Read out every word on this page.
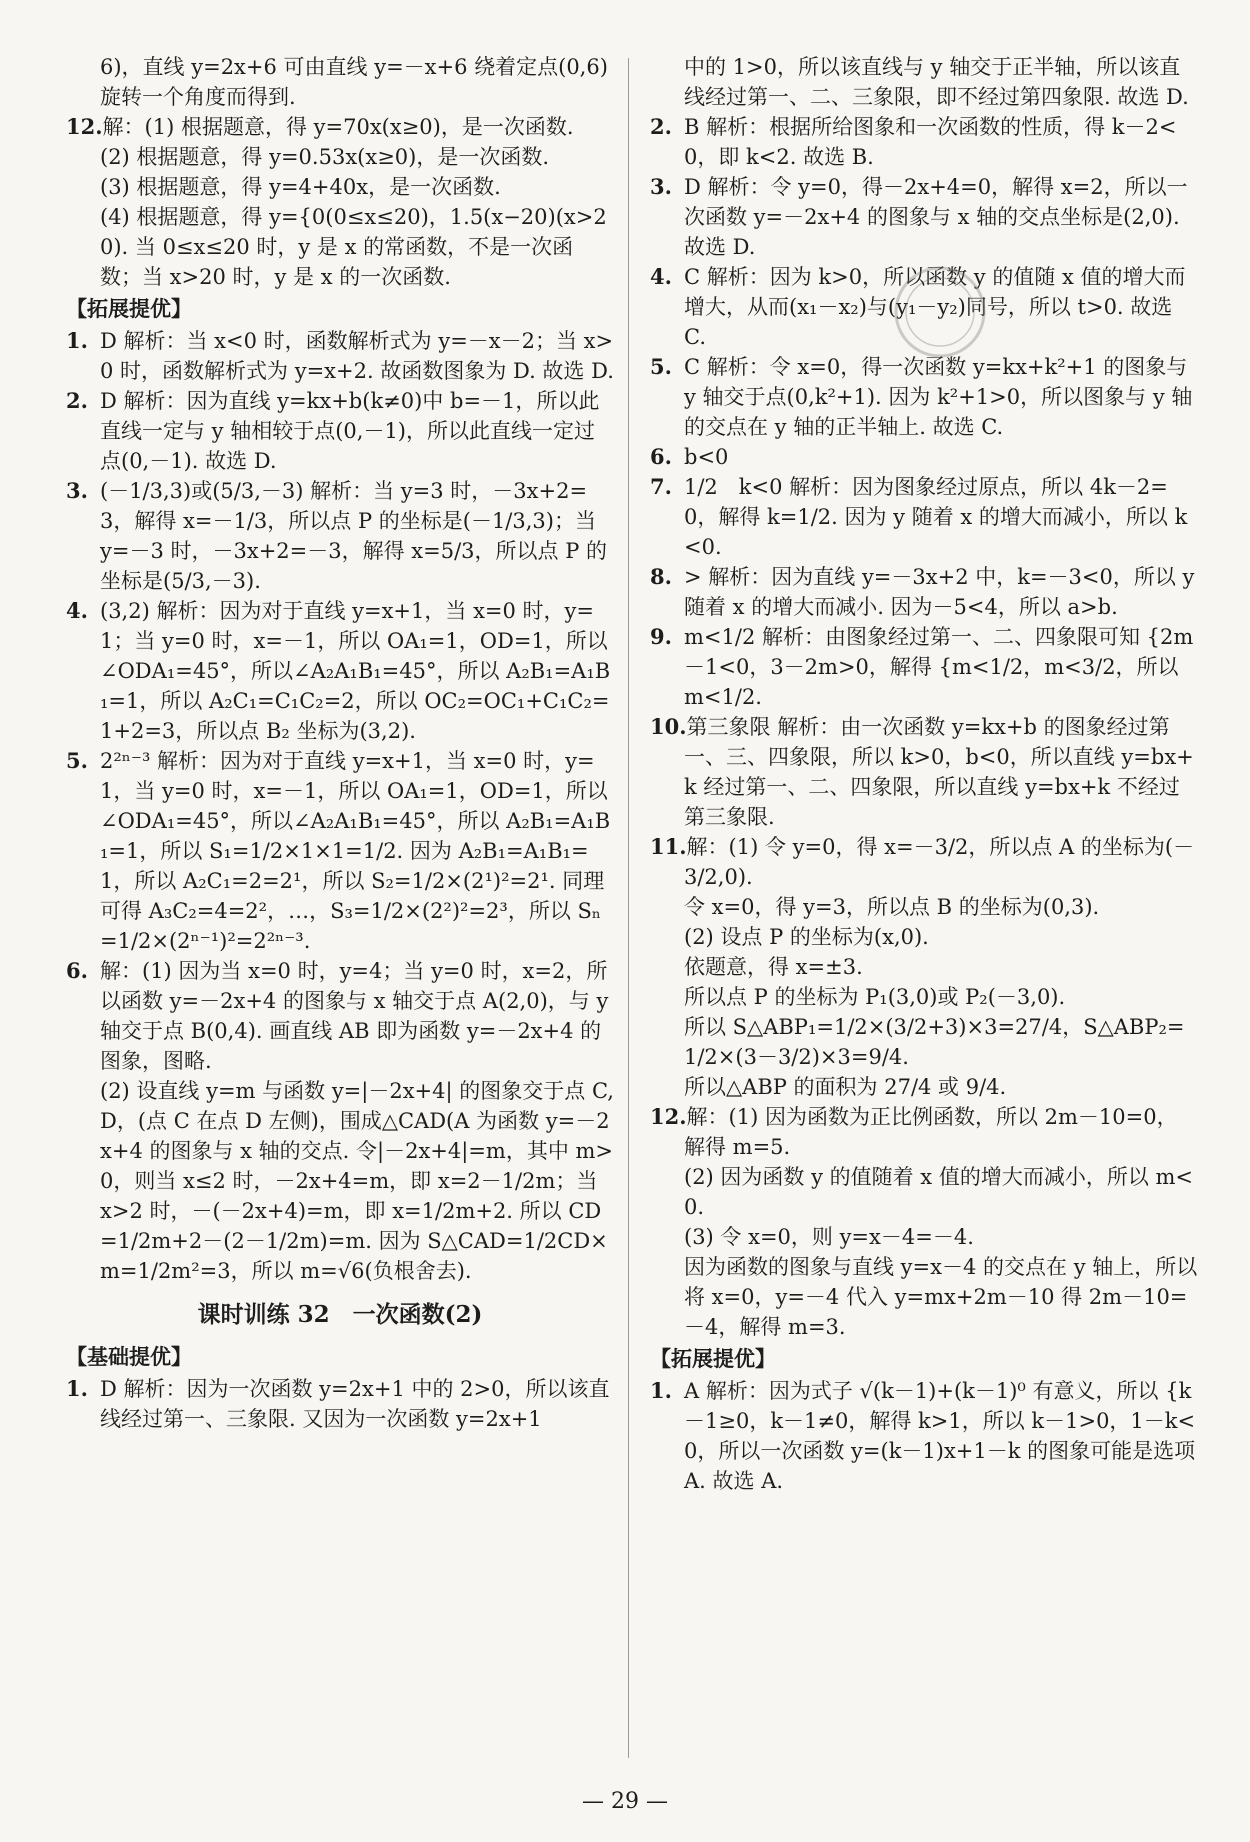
6)，直线 y=2x+6 可由直线 y=－x+6 绕着定点(0,6)旋转一个角度而得到.

12.解：(1) 根据题意，得 y=70x(x≥0)，是一次函数.

(2) 根据题意，得 y=0.53x(x≥0)，是一次函数.

(3) 根据题意，得 y=4+40x，是一次函数.

(4) 根据题意，得 y={0(0≤x≤20)，1.5(x−20)(x>20). 当 0≤x≤20 时，y 是 x 的常函数，不是一次函数；当 x>20 时，y 是 x 的一次函数.

【拓展提优】

1. D 解析：当 x<0 时，函数解析式为 y=－x－2；当 x>0 时，函数解析式为 y=x+2. 故函数图象为 D. 故选 D.

2. D 解析：因为直线 y=kx+b(k≠0)中 b=－1，所以此直线一定与 y 轴相较于点(0,－1)，所以此直线一定过点(0,－1). 故选 D.

3. (－1/3,3)或(5/3,－3) 解析：当 y=3 时，－3x+2=3，解得 x=－1/3，所以点 P 的坐标是(－1/3,3)；当 y=－3 时，－3x+2=－3，解得 x=5/3，所以点 P 的坐标是(5/3,－3).

4. (3,2) 解析：因为对于直线 y=x+1，当 x=0 时，y=1；当 y=0 时，x=－1，所以 OA₁=1，OD=1，所以∠ODA₁=45°，所以∠A₂A₁B₁=45°，所以 A₂B₁=A₁B₁=1，所以 A₂C₁=C₁C₂=2，所以 OC₂=OC₁+C₁C₂=1+2=3，所以点 B₂ 坐标为(3,2).

5. 2²ⁿ⁻³ 解析：因为对于直线 y=x+1，当 x=0 时，y=1，当 y=0 时，x=－1，所以 OA₁=1，OD=1，所以∠ODA₁=45°，所以∠A₂A₁B₁=45°，所以 A₂B₁=A₁B₁=1，所以 S₁=1/2×1×1=1/2. 因为 A₂B₁=A₁B₁=1，所以 A₂C₁=2=2¹，所以 S₂=1/2×(2¹)²=2¹. 同理可得 A₃C₂=4=2²，…，S₃=1/2×(2²)²=2³，所以 Sₙ=1/2×(2ⁿ⁻¹)²=2²ⁿ⁻³.

6. 解：(1) 因为当 x=0 时，y=4；当 y=0 时，x=2，所以函数 y=－2x+4 的图象与 x 轴交于点 A(2,0)，与 y 轴交于点 B(0,4). 画直线 AB 即为函数 y=－2x+4 的图象，图略.

(2) 设直线 y=m 与函数 y=|－2x+4| 的图象交于点 C,D，(点 C 在点 D 左侧)，围成△CAD(A 为函数 y=－2x+4 的图象与 x 轴的交点. 令|－2x+4|=m，其中 m>0，则当 x≤2 时，－2x+4=m，即 x=2－1/2m；当 x>2 时，－(－2x+4)=m，即 x=1/2m+2. 所以 CD=1/2m+2－(2－1/2m)=m. 因为 S△CAD=1/2CD×m=1/2m²=3，所以 m=√6(负根舍去).

课时训练 32　一次函数(2)
【基础提优】

1. D 解析：因为一次函数 y=2x+1 中的 2>0，所以该直线经过第一、三象限. 又因为一次函数 y=2x+1

中的 1>0，所以该直线与 y 轴交于正半轴，所以该直线经过第一、二、三象限，即不经过第四象限. 故选 D.

2. B 解析：根据所给图象和一次函数的性质，得 k－2<0，即 k<2. 故选 B.

3. D 解析：令 y=0，得－2x+4=0，解得 x=2，所以一次函数 y=－2x+4 的图象与 x 轴的交点坐标是(2,0). 故选 D.

4. C 解析：因为 k>0，所以函数 y 的值随 x 值的增大而增大，从而(x₁－x₂)与(y₁－y₂)同号，所以 t>0. 故选 C.

5. C 解析：令 x=0，得一次函数 y=kx+k²+1 的图象与 y 轴交于点(0,k²+1). 因为 k²+1>0，所以图象与 y 轴的交点在 y 轴的正半轴上. 故选 C.

6. b<0

7. 1/2　k<0 解析：因为图象经过原点，所以 4k－2=0，解得 k=1/2. 因为 y 随着 x 的增大而减小，所以 k<0.

8. > 解析：因为直线 y=－3x+2 中，k=－3<0，所以 y 随着 x 的增大而减小. 因为－5<4，所以 a>b.

9. m<1/2 解析：由图象经过第一、二、四象限可知 {2m－1<0，3－2m>0，解得 {m<1/2，m<3/2，所以 m<1/2.

10.第三象限 解析：由一次函数 y=kx+b 的图象经过第一、三、四象限，所以 k>0，b<0，所以直线 y=bx+k 经过第一、二、四象限，所以直线 y=bx+k 不经过第三象限.

11.解：(1) 令 y=0，得 x=－3/2，所以点 A 的坐标为(－3/2,0).

令 x=0，得 y=3，所以点 B 的坐标为(0,3).

(2) 设点 P 的坐标为(x,0).

依题意，得 x=±3.

所以点 P 的坐标为 P₁(3,0)或 P₂(－3,0).

所以 S△ABP₁=1/2×(3/2+3)×3=27/4，S△ABP₂=1/2×(3－3/2)×3=9/4.

所以△ABP 的面积为 27/4 或 9/4.

12.解：(1) 因为函数为正比例函数，所以 2m－10=0，解得 m=5.

(2) 因为函数 y 的值随着 x 值的增大而减小，所以 m<0.

(3) 令 x=0，则 y=x－4=－4.

因为函数的图象与直线 y=x－4 的交点在 y 轴上，所以将 x=0，y=－4 代入 y=mx+2m－10 得 2m－10=－4，解得 m=3.

【拓展提优】

1. A 解析：因为式子 √(k－1)+(k－1)⁰ 有意义，所以 {k－1≥0，k－1≠0，解得 k>1，所以 k－1>0，1－k<0，所以一次函数 y=(k－1)x+1－k 的图象可能是选项 A. 故选 A.

— 29 —
